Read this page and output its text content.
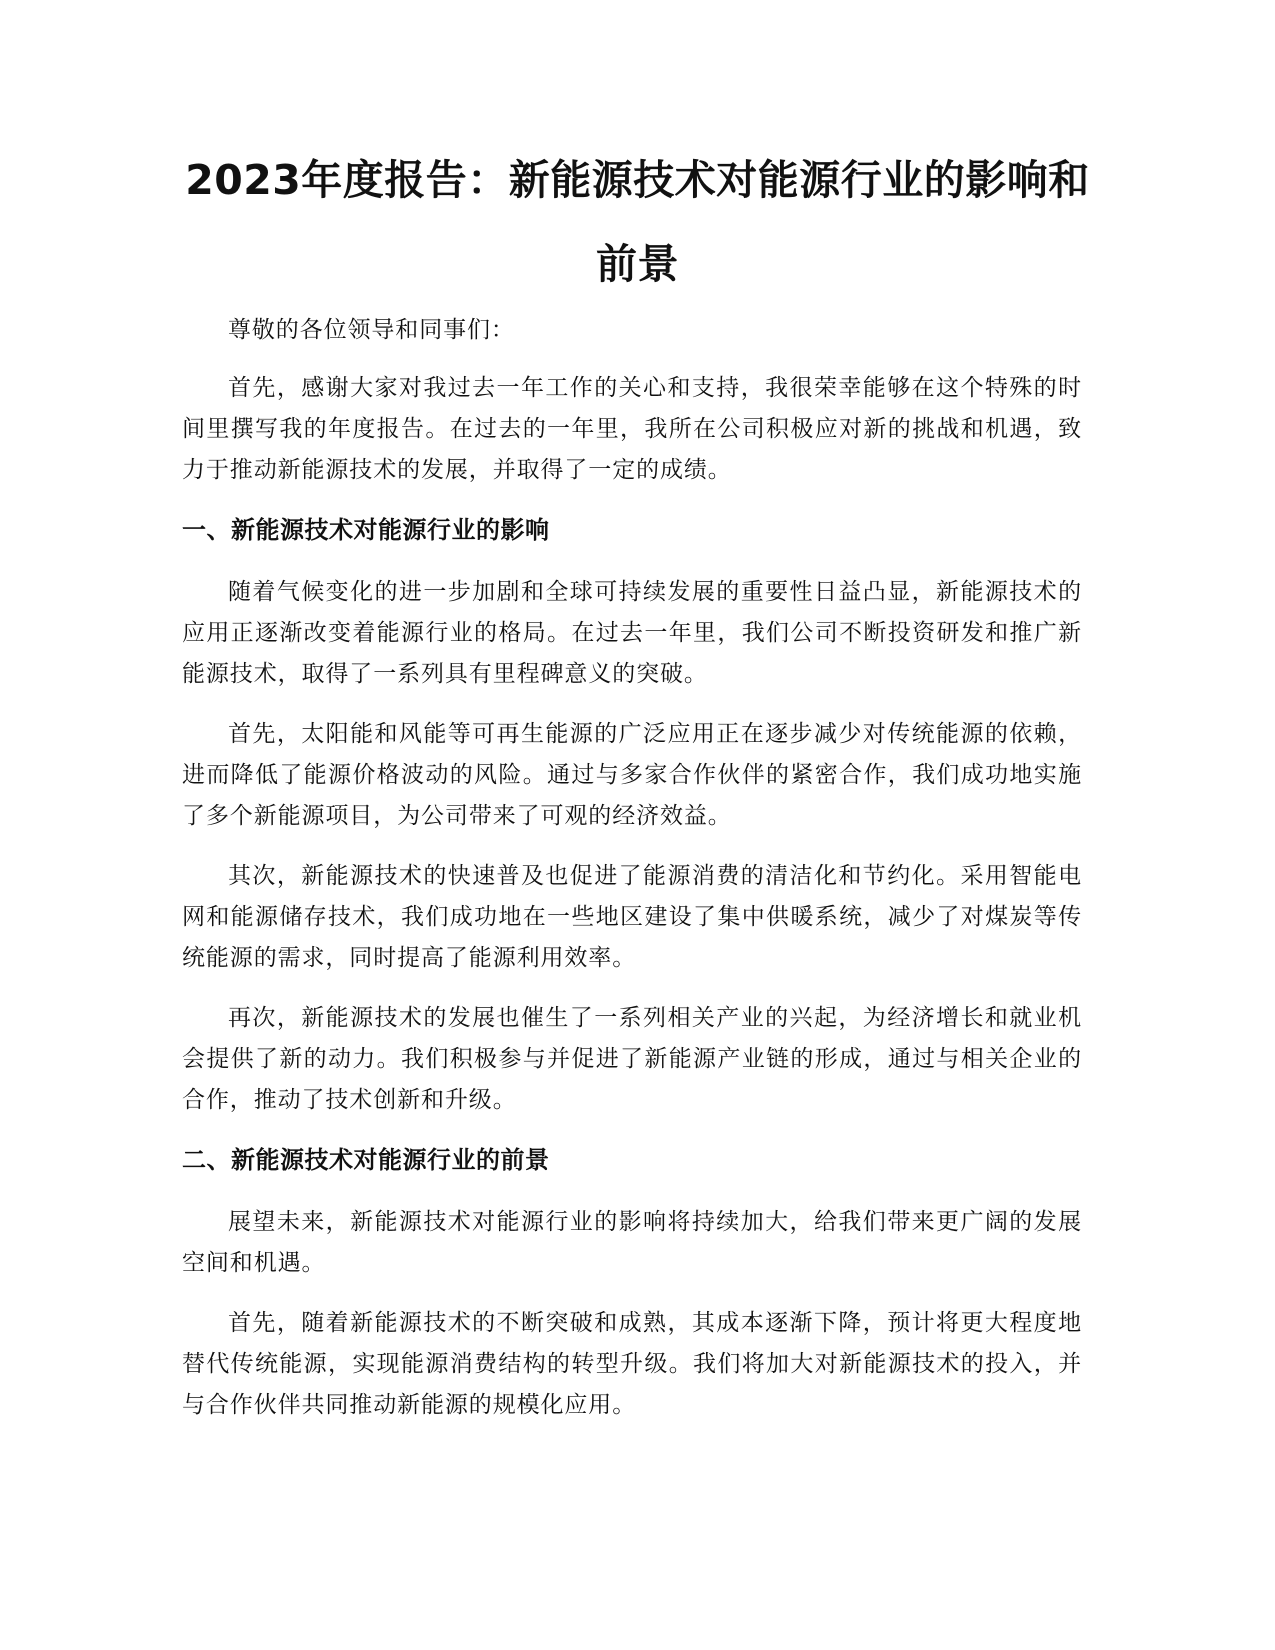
2023年度报告：新能源技术对能源行业的影响和前景

尊敬的各位领导和同事们：

首先，感谢大家对我过去一年工作的关心和支持，我很荣幸能够在这个特殊的时间里撰写我的年度报告。在过去的一年里，我所在公司积极应对新的挑战和机遇，致力于推动新能源技术的发展，并取得了一定的成绩。

一、新能源技术对能源行业的影响

随着气候变化的进一步加剧和全球可持续发展的重要性日益凸显，新能源技术的应用正逐渐改变着能源行业的格局。在过去一年里，我们公司不断投资研发和推广新能源技术，取得了一系列具有里程碑意义的突破。

首先，太阳能和风能等可再生能源的广泛应用正在逐步减少对传统能源的依赖，进而降低了能源价格波动的风险。通过与多家合作伙伴的紧密合作，我们成功地实施了多个新能源项目，为公司带来了可观的经济效益。

其次，新能源技术的快速普及也促进了能源消费的清洁化和节约化。采用智能电网和能源储存技术，我们成功地在一些地区建设了集中供暖系统，减少了对煤炭等传统能源的需求，同时提高了能源利用效率。

再次，新能源技术的发展也催生了一系列相关产业的兴起，为经济增长和就业机会提供了新的动力。我们积极参与并促进了新能源产业链的形成，通过与相关企业的合作，推动了技术创新和升级。

二、新能源技术对能源行业的前景

展望未来，新能源技术对能源行业的影响将持续加大，给我们带来更广阔的发展空间和机遇。

首先，随着新能源技术的不断突破和成熟，其成本逐渐下降，预计将更大程度地替代传统能源，实现能源消费结构的转型升级。我们将加大对新能源技术的投入，并与合作伙伴共同推动新能源的规模化应用。
